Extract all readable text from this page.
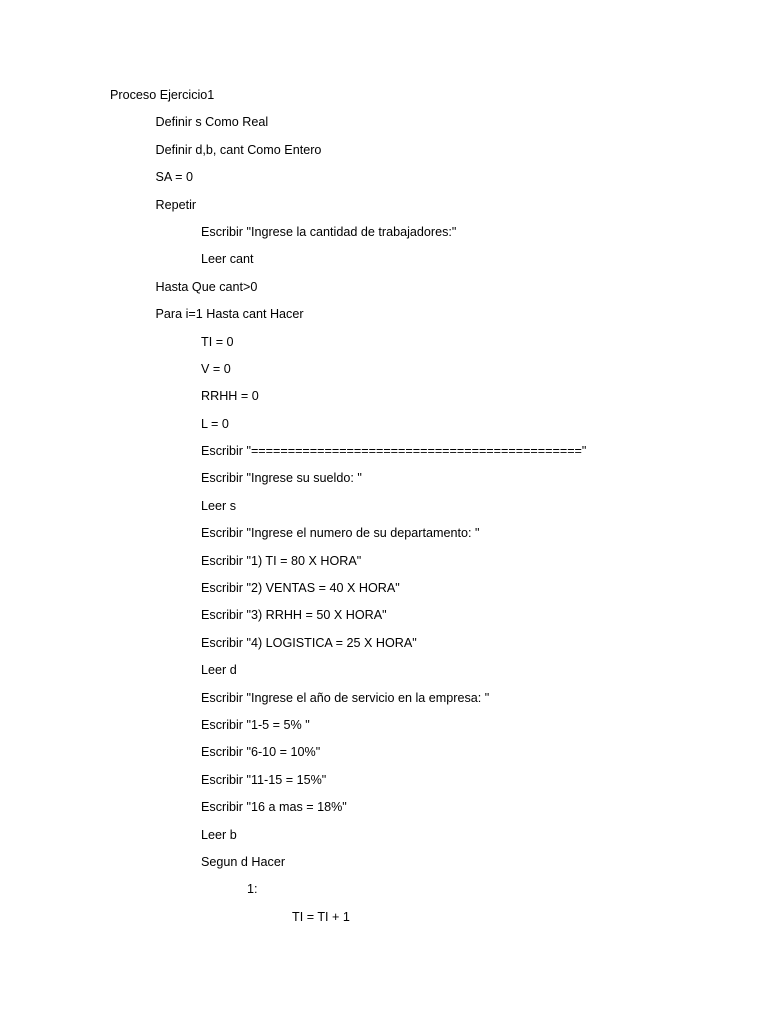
Proceso Ejercicio1
Definir s Como Real
Definir d,b, cant Como Entero
SA = 0
Repetir
Escribir "Ingrese la cantidad de trabajadores:"
Leer cant
Hasta Que cant>0
Para i=1 Hasta cant Hacer
TI = 0
V = 0
RRHH = 0
L = 0
Escribir "============================================="
Escribir "Ingrese su sueldo: "
Leer s
Escribir "Ingrese el numero de su departamento: "
Escribir "1) TI = 80 X HORA"
Escribir "2) VENTAS = 40 X HORA"
Escribir "3) RRHH = 50 X HORA"
Escribir "4) LOGISTICA = 25 X HORA"
Leer d
Escribir "Ingrese el año de servicio en la empresa: "
Escribir "1-5 = 5% "
Escribir "6-10 = 10%"
Escribir "11-15 = 15%"
Escribir "16 a mas = 18%"
Leer b
Segun d Hacer
1:
TI = TI + 1
